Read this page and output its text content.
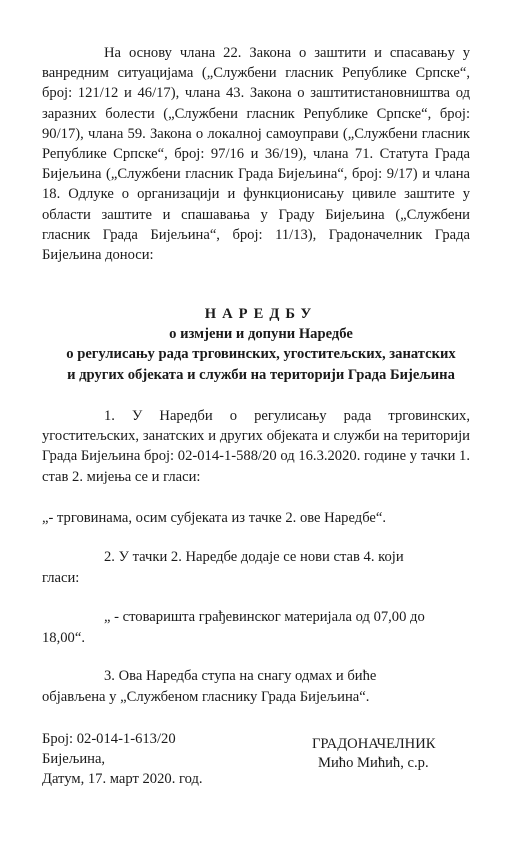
На основу члана 22. Закона о заштити и спасавању у ванредним ситуацијама („Службени гласник Републике Српске“, број: 121/12 и 46/17), члана 43. Закона о заштитистановништва од заразних болести („Службени гласник Републике Српске“, број: 90/17), члана 59. Закона о локалној самоуправи („Службени гласник Републике Српске“, број: 97/16 и 36/19), члана 71. Статута Града Бијељина („Службени гласник Града Бијељина“, број: 9/17) и члана 18. Одлуке о организацији и функционисању цивиле заштите у области заштите и спашавања у Граду Бијељина („Службени гласник Града Бијељина“, број: 11/13), Градоначелник Града Бијељина доноси:

НАРЕДБУ
о измјени и допуни Наредбе
о регулисању рада трговинских, угоститељских, занатских
и других објеката и служби на територији Града Бијељина

1. У Наредби о регулисању рада трговинских, угоститељских, занатских и других објеката и служби на територији Града Бијељина број: 02-014-1-588/20 од 16.3.2020. године у тачки 1. став 2. мијења се и гласи:

„- трговинама, осим субјеката из тачке 2. ове Наредбе“.
2. У тачки 2. Наредбе додаје се нови став 4. који
гласи:
„ - стоваришта грађевинског материјала од 07,00 до
18,00“.
3. Ова Наредба ступа на снагу одмах и биће
објављена у „Службеном гласнику Града Бијељина“.
Број: 02-014-1-613/20
Бијељина,
Датум, 17. март 2020. год.
ГРАДОНАЧЕЛНИК
Мићо Мићић, с.р.
